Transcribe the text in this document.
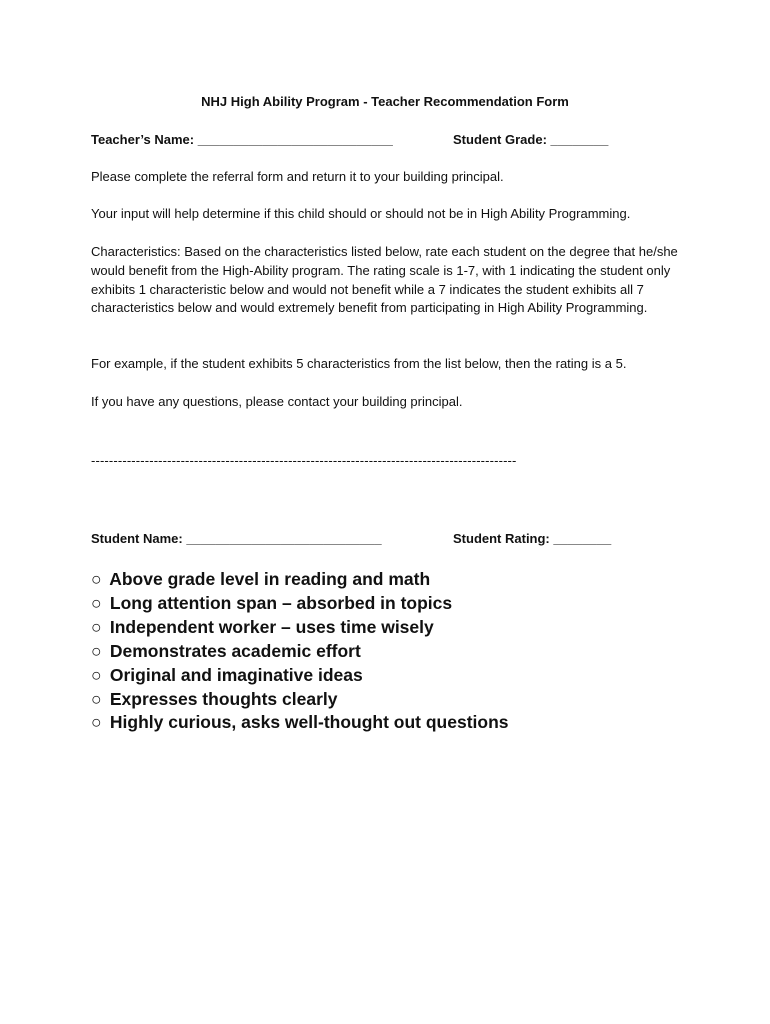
NHJ High Ability Program - Teacher Recommendation Form
Teacher’s Name: ___________________________	Student Grade: ________
Please complete the referral form and return it to your building principal.
Your input will help determine if this child should or should not be in High Ability Programming.
Characteristics: Based on the characteristics listed below, rate each student on the degree that he/she would benefit from the High-Ability program. The rating scale is 1-7, with 1 indicating the student only exhibits 1 characteristic below and would not benefit while a 7 indicates the student exhibits all 7 characteristics below and would extremely benefit from participating in High Ability Programming.
For example, if the student exhibits 5 characteristics from the list below, then the rating is a 5.
If you have any questions, please contact your building principal.
-----------------------------------------------------------------------------------------------
Student Name: ___________________________	Student Rating: ________
○ Above grade level in reading and math
○ Long attention span – absorbed in topics
○ Independent worker – uses time wisely
○ Demonstrates academic effort
○ Original and imaginative ideas
○ Expresses thoughts clearly
○ Highly curious, asks well-thought out questions
